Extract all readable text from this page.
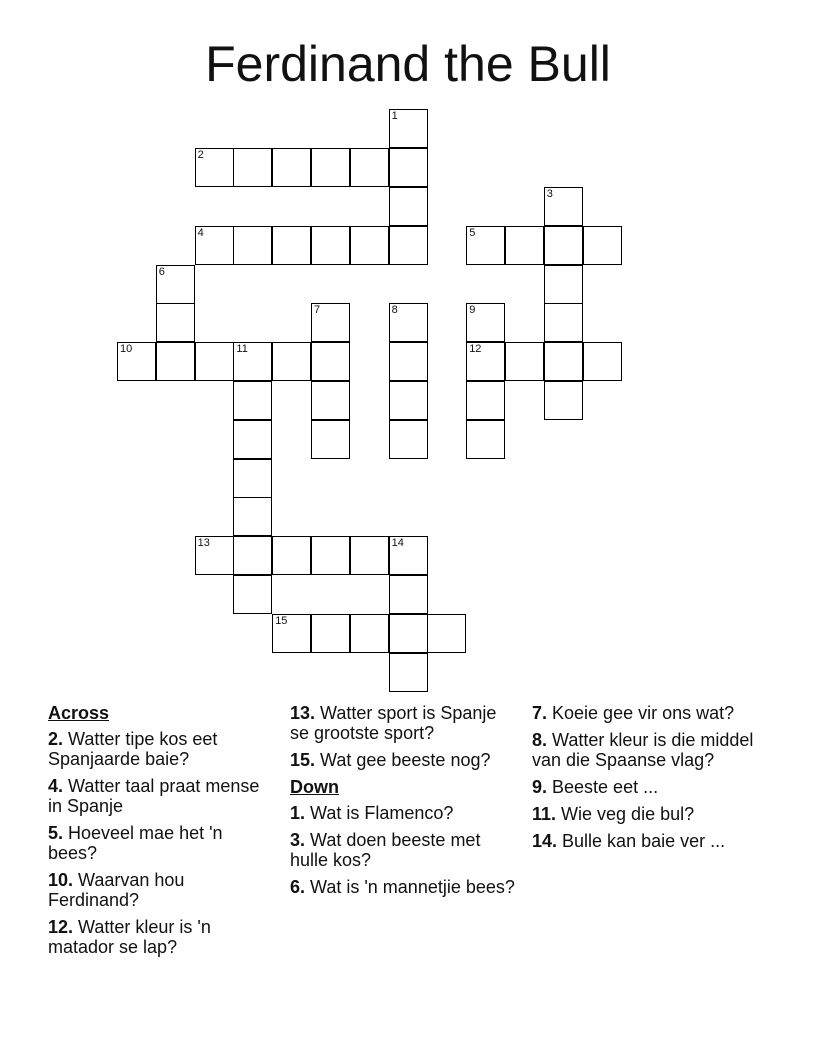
Ferdinand the Bull
1
2
3
4	5
6
7	8	9
10	11	12
13	14
15
Across
2. Watter tipe kos eet Spanjaarde baie?
4. Watter taal praat mense in Spanje
5. Hoeveel mae het 'n bees?
10. Waarvan hou Ferdinand?
12. Watter kleur is 'n matador se lap?
13. Watter sport is Spanje se grootste sport?
15. Wat gee beeste nog?
Down
1. Wat is Flamenco?
3. Wat doen beeste met hulle kos?
6. Wat is 'n mannetjie bees?
7. Koeie gee vir ons wat?
8. Watter kleur is die middel van die Spaanse vlag?
9. Beeste eet ...
11. Wie veg die bul?
14. Bulle kan baie ver ...
